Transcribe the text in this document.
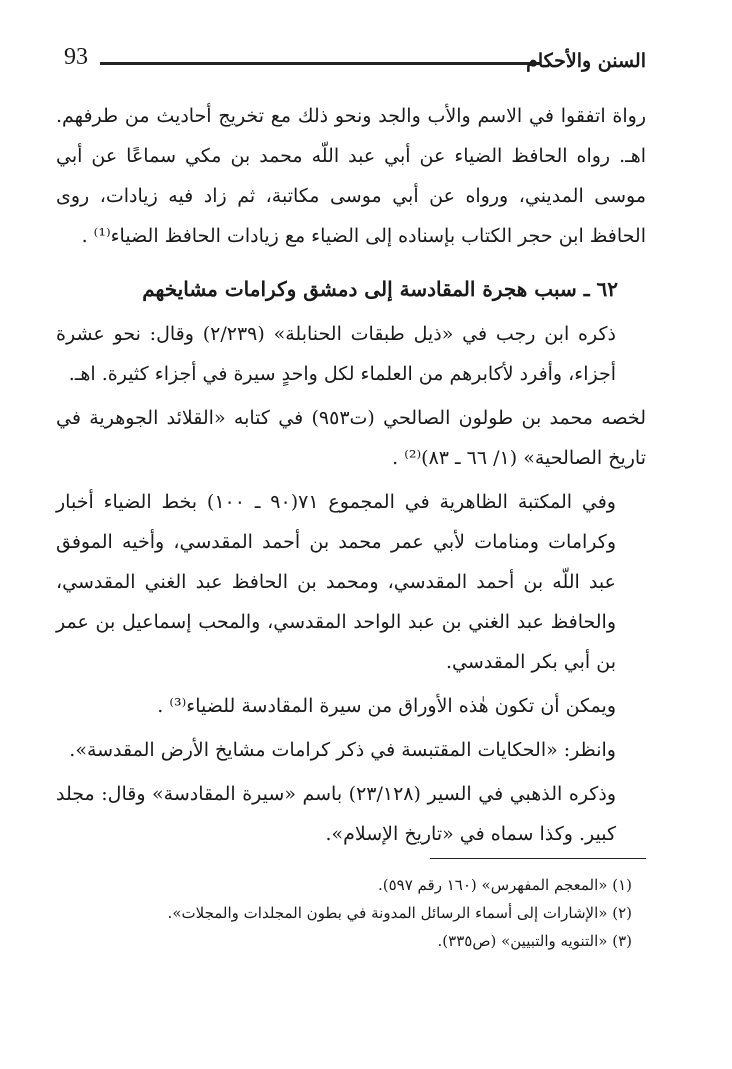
93	السنن والأحكام

رواة اتفقوا في الاسم والأب والجد ونحو ذلك مع تخريج أحاديث من طرفهم. اهـ. رواه الحافظ الضياء عن أبي عبد اللّه محمد بن مكي سماعًا عن أبي موسى المديني، ورواه عن أبي موسى مكاتبة، ثم زاد فيه زيادات، روى الحافظ ابن حجر الكتاب بإسناده إلى الضياء مع زيادات الحافظ الضياء⁽¹⁾ .

٦٢ ـ سبب هجرة المقادسة إلى دمشق وكرامات مشايخهم

ذكره ابن رجب في «ذيل طبقات الحنابلة» (٢/٢٣٩) وقال: نحو عشرة أجزاء، وأفرد لأكابرهم من العلماء لكل واحدٍ سيرة في أجزاء كثيرة. اهـ.

لخصه محمد بن طولون الصالحي (ت٩٥٣) في كتابه «القلائد الجوهرية في تاريخ الصالحية» (١/ ٦٦ ـ ٨٣)⁽²⁾ .

وفي المكتبة الظاهرية في المجموع ٧١(٩٠ ـ ١٠٠) بخط الضياء أخبار وكرامات ومنامات لأبي عمر محمد بن أحمد المقدسي، وأخيه الموفق عبد اللّه بن أحمد المقدسي، ومحمد بن الحافظ عبد الغني المقدسي، والحافظ عبد الغني بن عبد الواحد المقدسي، والمحب إسماعيل بن عمر بن أبي بكر المقدسي.

ويمكن أن تكون هٰذه الأوراق من سيرة المقادسة للضياء⁽³⁾ .

وانظر: «الحكايات المقتبسة في ذكر كرامات مشايخ الأرض المقدسة».

وذكره الذهبي في السير (٢٣/١٢٨) باسم «سيرة المقادسة» وقال: مجلد كبير. وكذا سماه في «تاريخ الإسلام».

(١) «المعجم المفهرس» (١٦٠ رقم ٥٩٧).
(٢) «الإشارات إلى أسماء الرسائل المدونة في بطون المجلدات والمجلات».
(٣) «التنويه والتبيين» (ص٣٣٥).
